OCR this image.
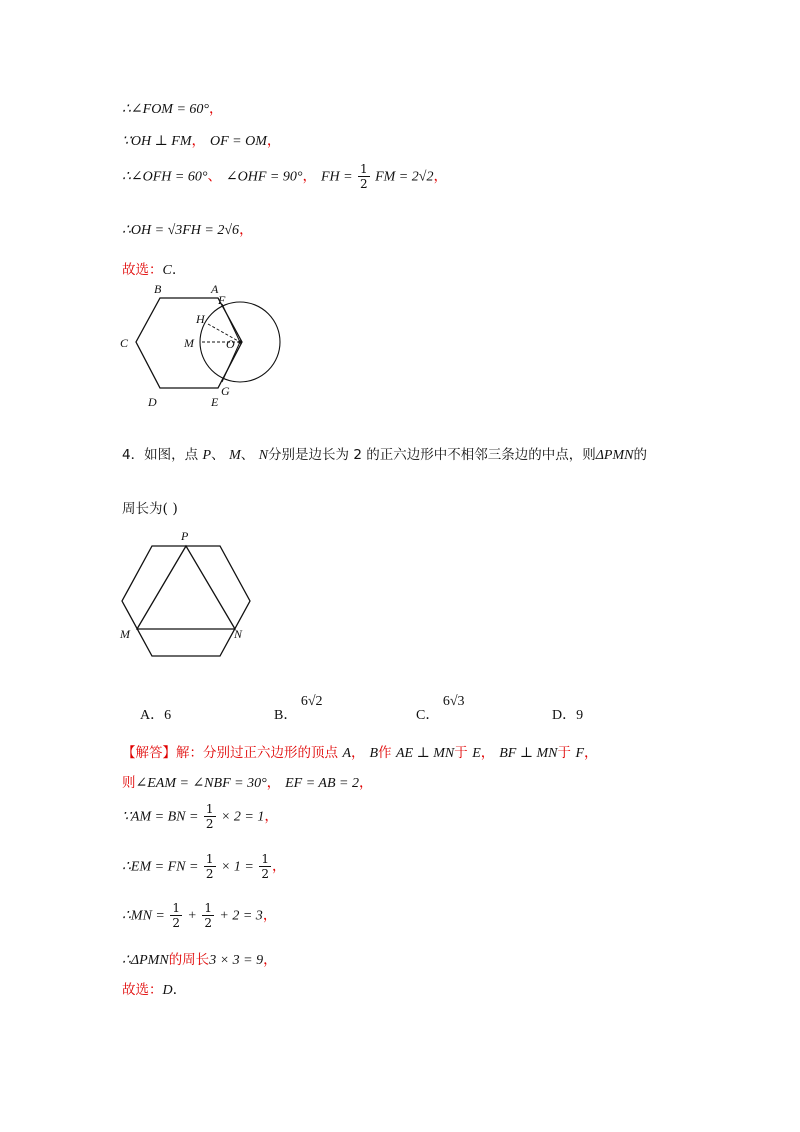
∴∠FOM = 60°，
∵OH ⊥ FM， OF = OM，
∴∠OFH = 60°、 ∠OHF = 90°， FH = $\frac{1}{2}$ FM = 2√2，
∴OH = √3FH = 2√6，
故选：C.
B	A
F
H
C	M	O
G
D	E
4．如图，点 P、 M、 N分别是边长为 2 的正六边形中不相邻三条边的中点，则ΔPMN的
周长为( )
P
M	N
A．6	B． 6√2
C． 6√3
D．9
【解答】解：分别过正六边形的顶点 A， B作 AE ⊥ MN于 E， BF ⊥ MN于 F，
则∠EAM = ∠NBF = 30°， EF = AB = 2，
∵AM = BN = $\frac{1}{2} \times 2 = 1$，
∴EM = FN = $\frac{1}{2} \times 1 = \frac{1}{2}$ ，
∴MN = $\frac{1}{2} + \frac{1}{2} + 2 = 3$，
∴ΔPMN的周长3 × 3 = 9，
故选：D.
